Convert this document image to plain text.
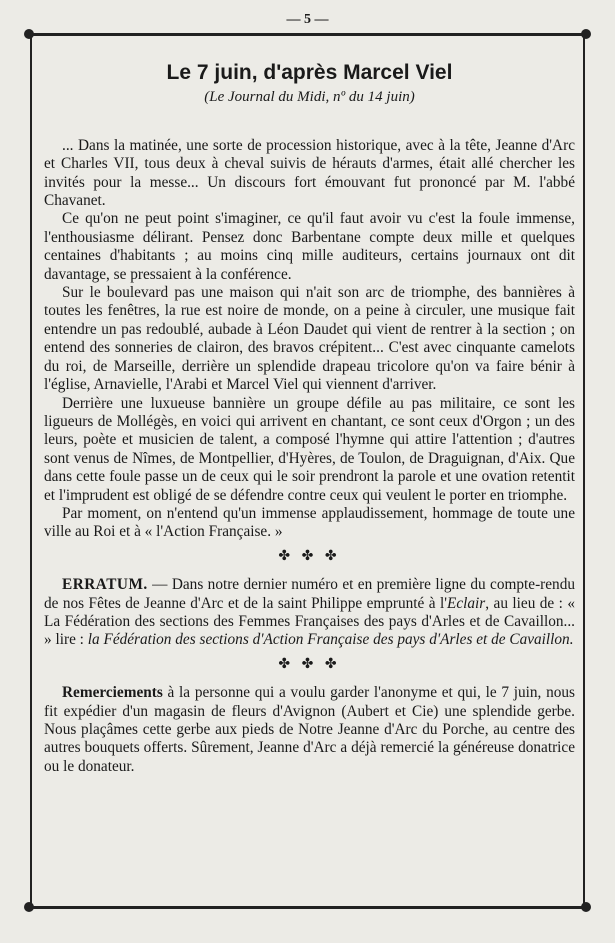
— 5 —
Le 7 juin, d'après Marcel Viel
(Le Journal du Midi, nº du 14 juin)

... Dans la matinée, une sorte de procession historique, avec à la tête, Jeanne d'Arc et Charles VII, tous deux à cheval suivis de hérauts d'armes, était allé chercher les invités pour la messe... Un discours fort émouvant fut prononcé par M. l'abbé Chavanet.

Ce qu'on ne peut point s'imaginer, ce qu'il faut avoir vu c'est la foule immense, l'enthousiasme délirant. Pensez donc Barbentane compte deux mille et quelques centaines d'habitants ; au moins cinq mille auditeurs, certains journaux ont dit davantage, se pressaient à la conférence.

Sur le boulevard pas une maison qui n'ait son arc de triomphe, des bannières à toutes les fenêtres, la rue est noire de monde, on a peine à circuler, une musique fait entendre un pas redoublé, aubade à Léon Daudet qui vient de rentrer à la section ; on entend des sonneries de clairon, des bravos crépitent... C'est avec cinquante camelots du roi, de Marseille, derrière un splendide drapeau tricolore qu'on va faire bénir à l'église, Arnavielle, l'Arabi et Marcel Viel qui viennent d'arriver.

Derrière une luxueuse bannière un groupe défile au pas militaire, ce sont les ligueurs de Mollégès, en voici qui arrivent en chantant, ce sont ceux d'Orgon ; un des leurs, poète et musicien de talent, a composé l'hymne qui attire l'attention ; d'autres sont venus de Nîmes, de Montpellier, d'Hyères, de Toulon, de Draguignan, d'Aix. Que dans cette foule passe un de ceux qui le soir prendront la parole et une ovation retentit et l'imprudent est obligé de se défendre contre ceux qui veulent le porter en triomphe.

Par moment, on n'entend qu'un immense applaudissement, hommage de toute une ville au Roi et à « l'Action Française. »

✤ ✤ ✤

ERRATUM. — Dans notre dernier numéro et en première ligne du compte-rendu de nos Fêtes de Jeanne d'Arc et de la saint Philippe emprunté à l'Eclair, au lieu de : « La Fédération des sections des Femmes Françaises des pays d'Arles et de Cavaillon... » lire : la Fédération des sections d'Action Française des pays d'Arles et de Cavaillon.

✤ ✤ ✤

Remerciements à la personne qui a voulu garder l'anonyme et qui, le 7 juin, nous fit expédier d'un magasin de fleurs d'Avignon (Aubert et Cie) une splendide gerbe. Nous plaçâmes cette gerbe aux pieds de Notre Jeanne d'Arc du Porche, au centre des autres bouquets offerts. Sûrement, Jeanne d'Arc a déjà remercié la généreuse donatrice ou le donateur.
